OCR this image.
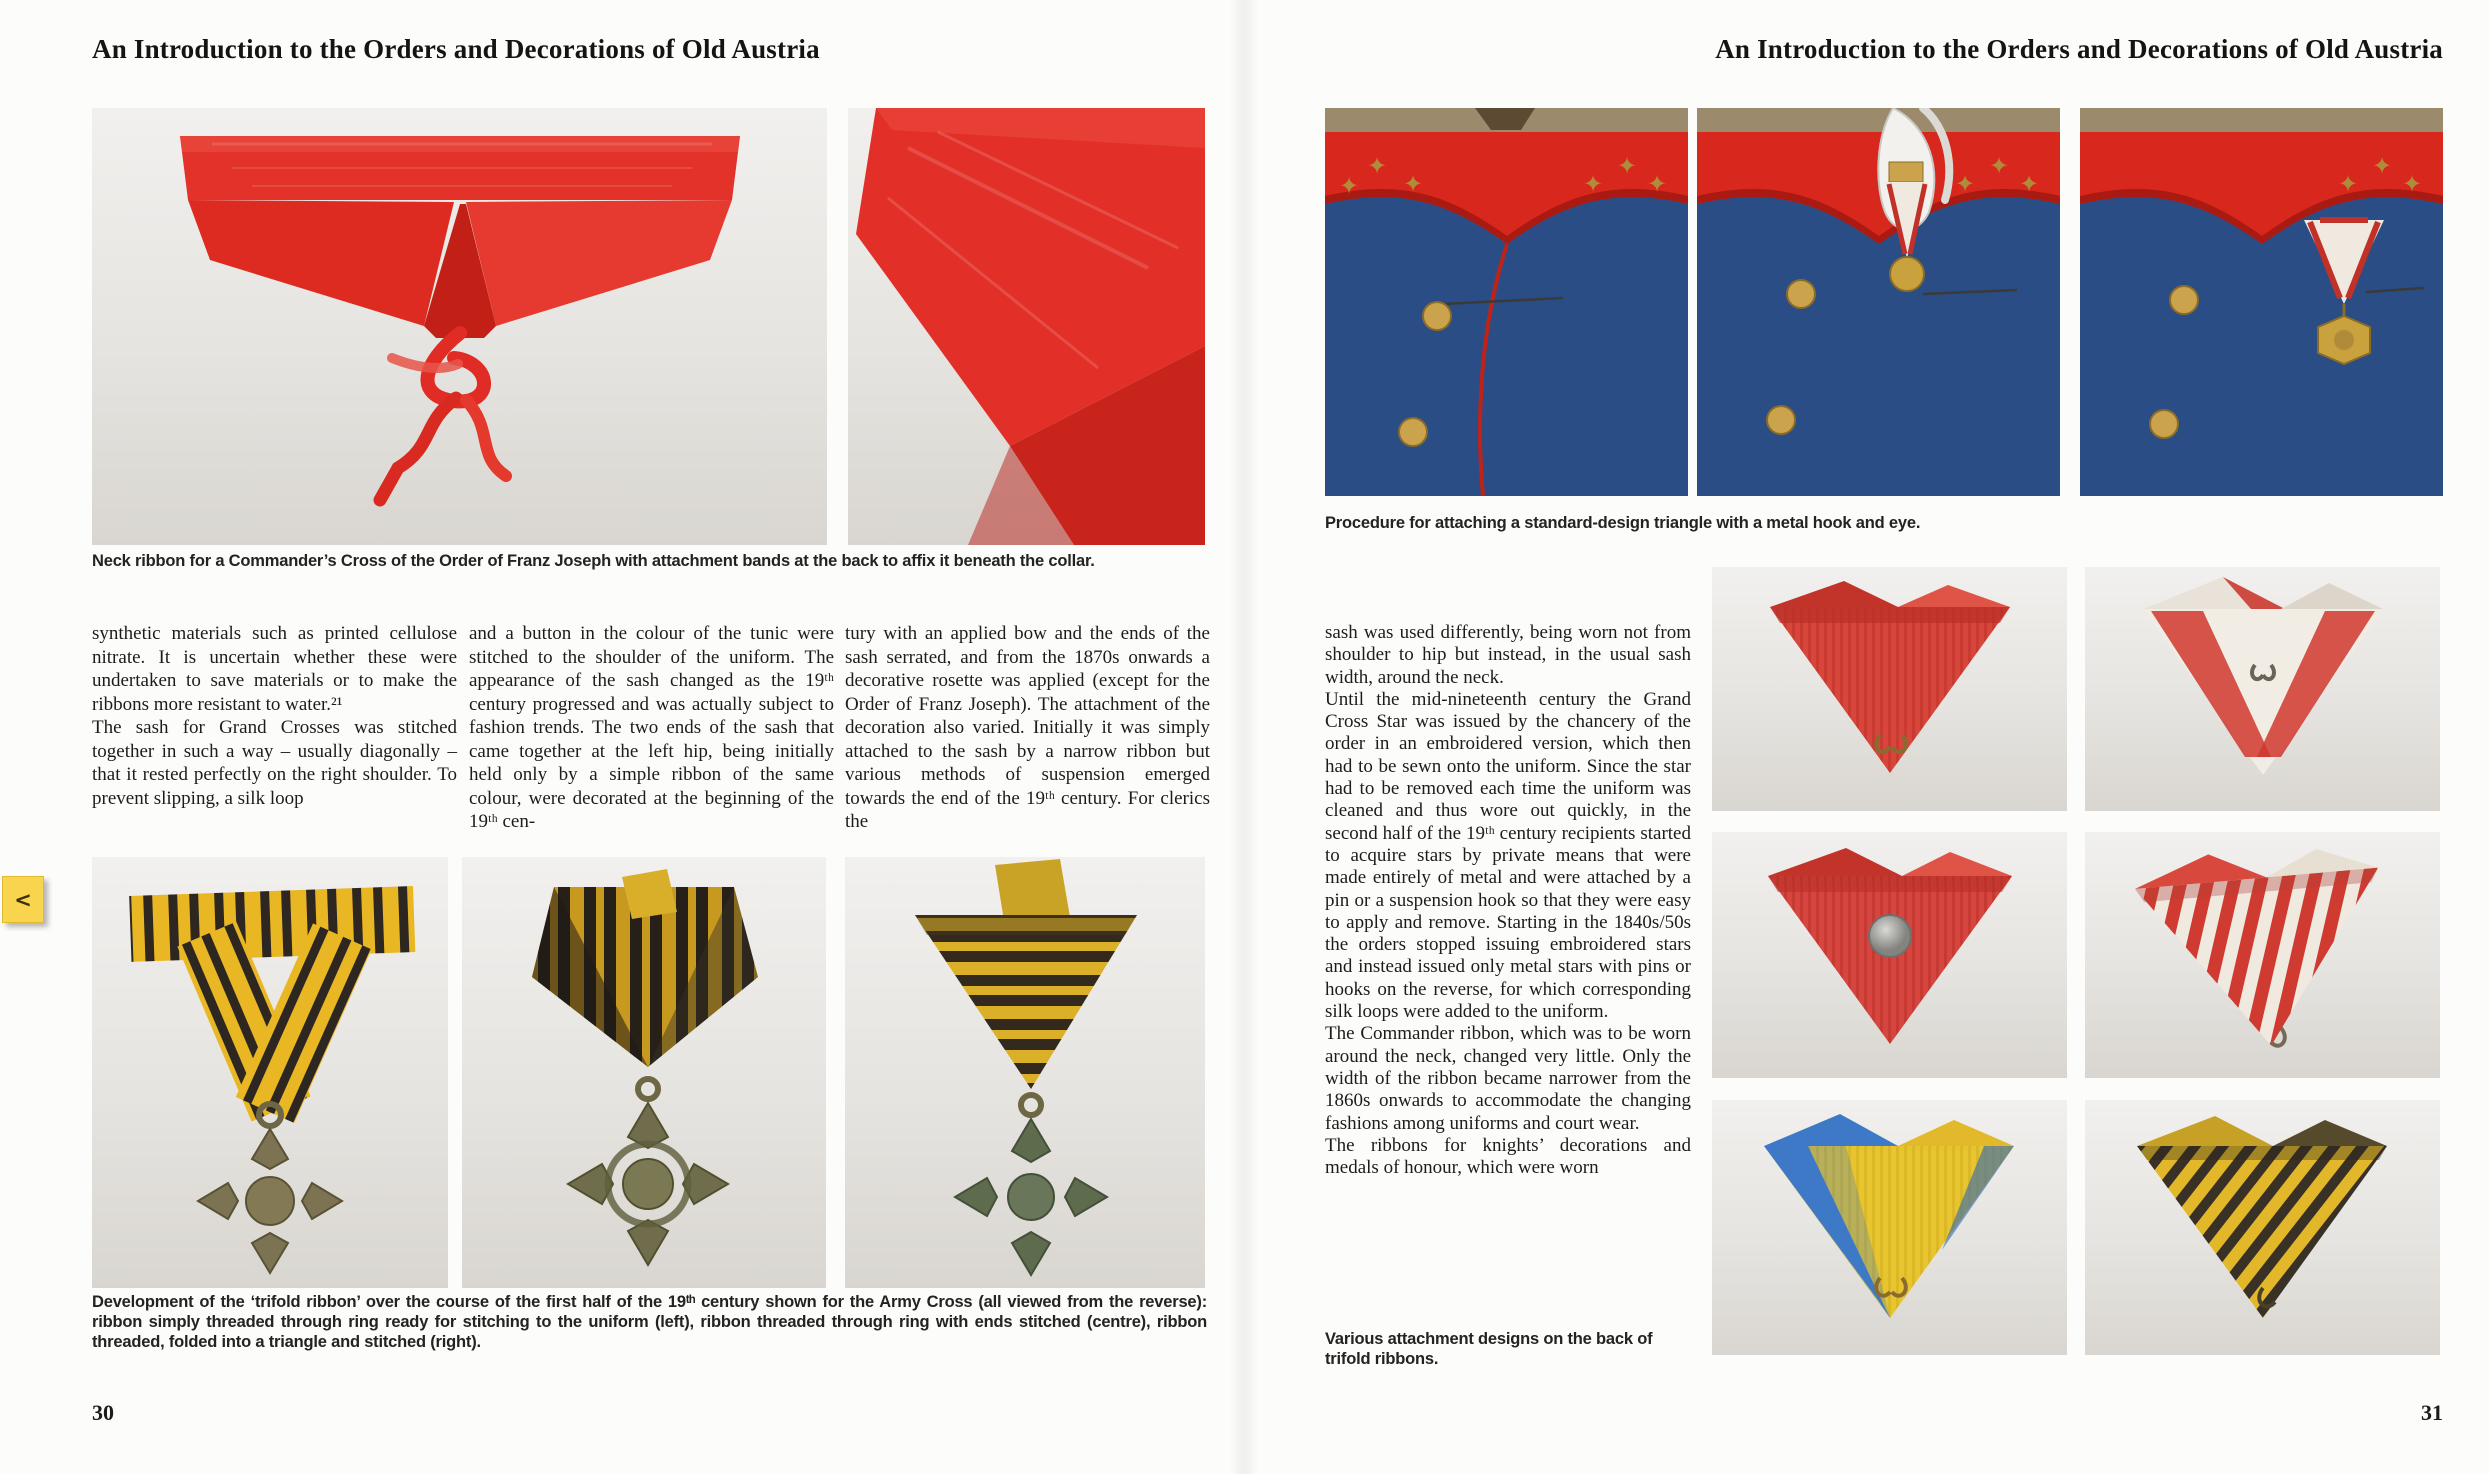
An Introduction to the Orders and Decorations of Old Austria	An Introduction to the Orders and Decorations of Old Austria
Neck ribbon for a Commander’s Cross of the Order of Franz Joseph with attachment bands at the back to affix it beneath the collar.

synthetic materials such as printed cellulose nitrate. It is uncertain whether these were undertaken to save materials or to make the ribbons more resistant to water.²¹

The sash for Grand Crosses was stitched together in such a way – usually diagonally – that it rested perfectly on the right shoulder. To prevent slipping, a silk loop

and a button in the colour of the tunic were stitched to the shoulder of the uniform. The appearance of the sash changed as the 19ᵗʰ century progressed and was actually subject to fashion trends. The two ends of the sash that came together at the left hip, being initially held only by a simple ribbon of the same colour, were decorated at the beginning of the 19ᵗʰ cen-

tury with an applied bow and the ends of the sash serrated, and from the 1870s onwards a decorative rosette was applied (except for the Order of Franz Joseph). The attachment of the decoration also varied. Initially it was simply attached to the sash by a narrow ribbon but various methods of suspension emerged towards the end of the 19ᵗʰ century. For clerics the

Development of the ‘trifold ribbon’ over the course of the first half of the 19ᵗʰ century shown for the Army Cross (all viewed from the reverse): ribbon simply threaded through ring ready for stitching to the uniform (left), ribbon threaded through ring with ends stitched (centre), ribbon threaded, folded into a triangle and stitched (right).
30
✦
✦
✦
✦
✦ ✦
✦
✦ ✦
✦
✦ ✦
Procedure for attaching a standard-design triangle with a metal hook and eye.

sash was used differently, being worn not from shoulder to hip but instead, in the usual sash width, around the neck.

Until the mid-nineteenth century the Grand Cross Star was issued by the chancery of the order in an embroidered version, which then had to be sewn onto the uniform. Since the star had to be removed each time the uniform was cleaned and thus wore out quickly, in the second half of the 19ᵗʰ century recipients started to acquire stars by private means that were made entirely of metal and were attached by a pin or a suspension hook so that they were easy to apply and remove. Starting in the 1840s/50s the orders stopped issuing embroidered stars and instead issued only metal stars with pins or hooks on the reverse, for which corresponding silk loops were added to the uniform.

The Commander ribbon, which was to be worn around the neck, changed very little. Only the width of the ribbon became narrower from the 1860s onwards to accommodate the changing fashions among uniforms and court wear.

The ribbons for knights’ decorations and medals of honour, which were worn

Various attachment designs on the back of trifold ribbons.
31
<
